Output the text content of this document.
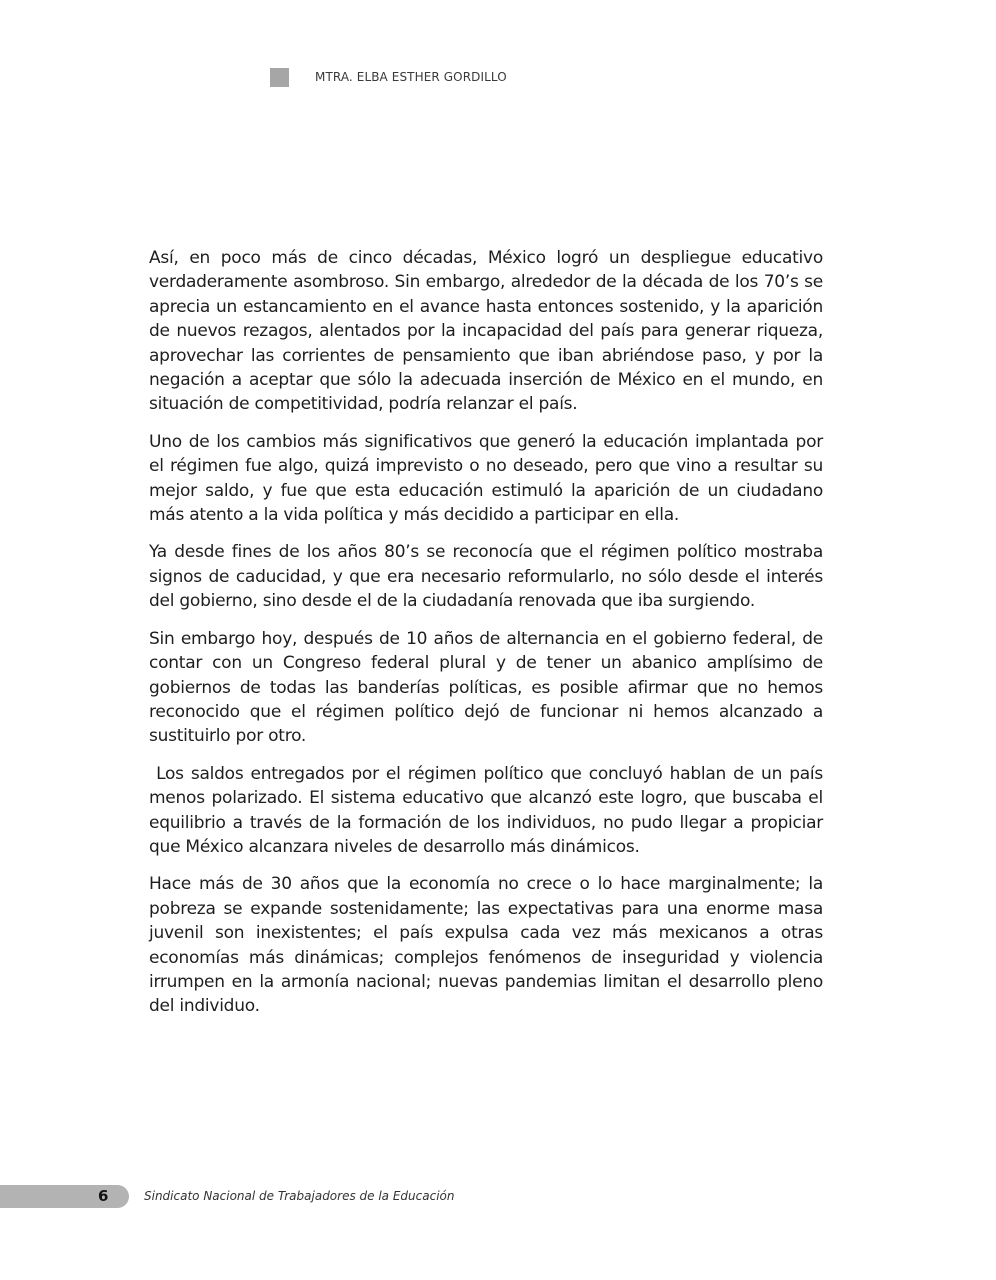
MTRA. ELBA ESTHER GORDILLO

Así, en poco más de cinco décadas, México logró un despliegue educativo verdaderamente asombroso. Sin embargo, alrededor de la década de los 70’s se aprecia un estancamiento en el avance hasta entonces sostenido, y la aparición de nuevos rezagos, alentados por la incapacidad del país para generar riqueza, aprovechar las corrientes de pensamiento que iban abriéndose paso, y por la negación a aceptar que sólo la adecuada inserción de México en el mundo, en situación de competitividad, podría relanzar el país.

Uno de los cambios más significativos que generó la educación implantada por el régimen fue algo, quizá imprevisto o no deseado, pero que vino a resultar su mejor saldo, y fue que esta educación estimuló la aparición de un ciudadano más atento a la vida política y más decidido a participar en ella.

Ya desde fines de los años 80’s se reconocía que el régimen político mostraba signos de caducidad, y que era necesario reformularlo, no sólo desde el interés del gobierno, sino desde el de la ciudadanía renovada que iba surgiendo.

Sin embargo hoy, después de 10 años de alternancia en el gobierno federal, de contar con un Congreso federal plural y de tener un abanico amplísimo de gobiernos de todas las banderías políticas, es posible afirmar que no hemos reconocido que el régimen político dejó de funcionar ni hemos alcanzado a sustituirlo por otro.

Los saldos entregados por el régimen político que concluyó hablan de un país menos polarizado. El sistema educativo que alcanzó este logro, que buscaba el equilibrio a través de la formación de los individuos, no pudo llegar a propiciar que México alcanzara niveles de desarrollo más dinámicos.

Hace más de 30 años que la economía no crece o lo hace marginalmente; la pobreza se expande sostenidamente; las expectativas para una enorme masa juvenil son inexistentes; el país expulsa cada vez más mexicanos a otras economías más dinámicas; complejos fenómenos de inseguridad y violencia irrumpen en la armonía nacional; nuevas pandemias limitan el desarrollo pleno del individuo.

6	Sindicato Nacional de Trabajadores de la Educación
